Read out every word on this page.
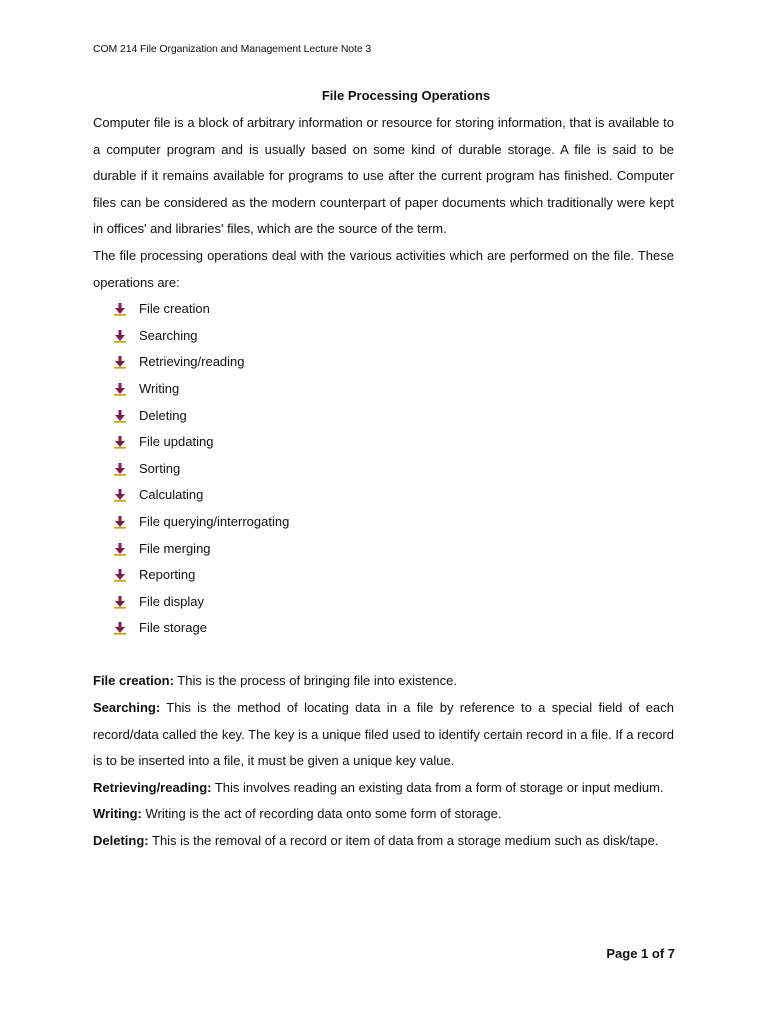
COM 214 File Organization and Management Lecture Note 3
File Processing Operations

Computer file is a block of arbitrary information or resource for storing information, that is available to a computer program and is usually based on some kind of durable storage. A file is said to be durable if it remains available for programs to use after the current program has finished. Computer files can be considered as the modern counterpart of paper documents which traditionally were kept in offices' and libraries' files, which are the source of the term.

The file processing operations deal with the various activities which are performed on the file. These operations are:

File creation
Searching
Retrieving/reading
Writing
Deleting
File updating
Sorting
Calculating
File querying/interrogating
File merging
Reporting
File display
File storage

File creation: This is the process of bringing file into existence.

Searching: This is the method of locating data in a file by reference to a special field of each record/data called the key. The key is a unique filed used to identify certain record in a file. If a record is to be inserted into a file, it must be given a unique key value.

Retrieving/reading: This involves reading an existing data from a form of storage or input medium.

Writing: Writing is the act of recording data onto some form of storage.

Deleting: This is the removal of a record or item of data from a storage medium such as disk/tape.

Page 1 of 7
